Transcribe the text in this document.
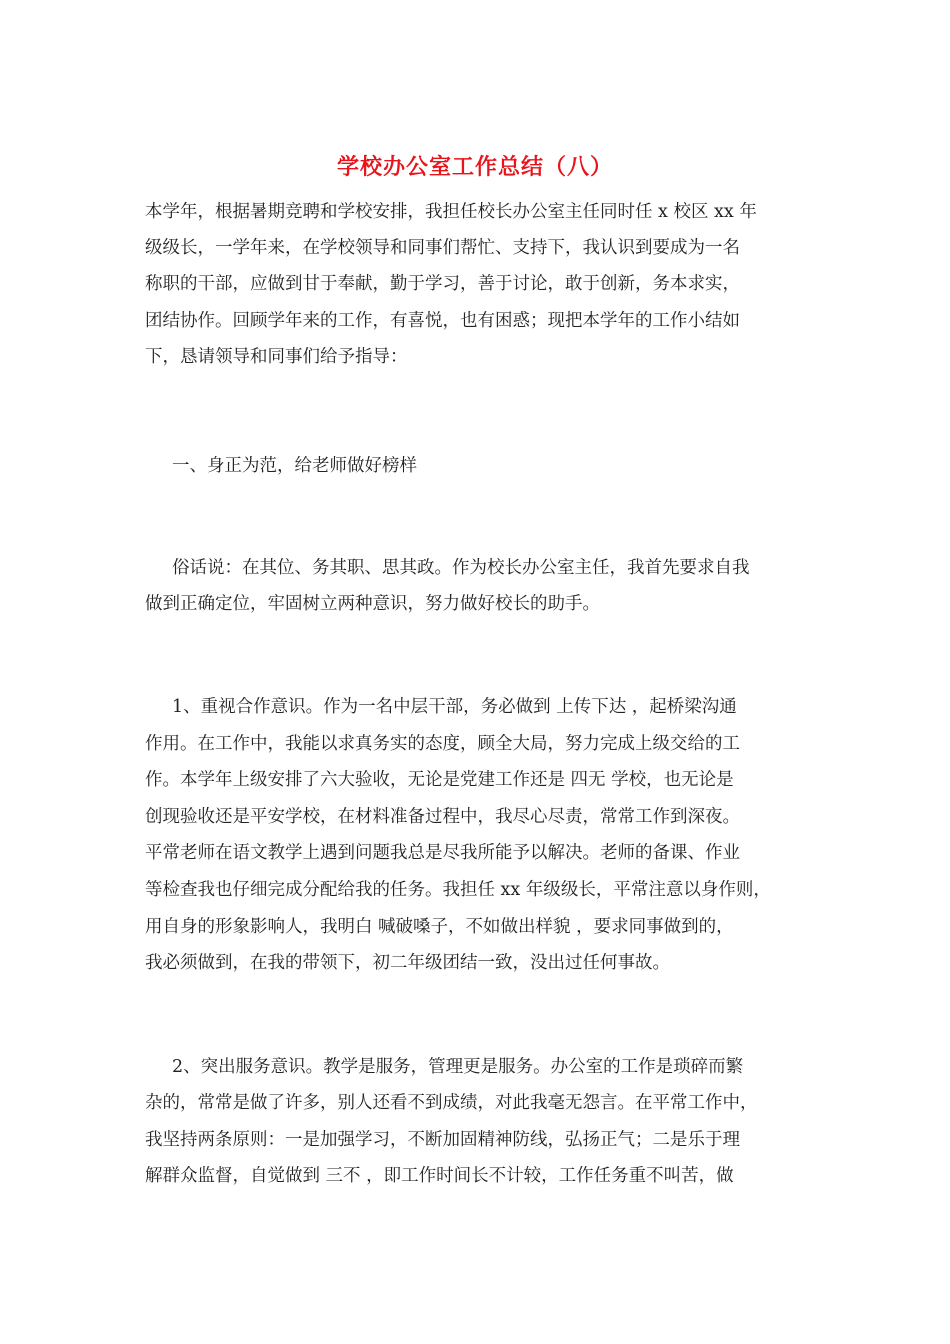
学校办公室工作总结（八）
本学年，根据暑期竞聘和学校安排，我担任校长办公室主任同时任 x 校区 xx 年
级级长，一学年来，在学校领导和同事们帮忙、支持下，我认识到要成为一名
称职的干部，应做到甘于奉献，勤于学习，善于讨论，敢于创新，务本求实，
团结协作。回顾学年来的工作，有喜悦，也有困惑；现把本学年的工作小结如
下，恳请领导和同事们给予指导：
一、身正为范，给老师做好榜样
俗话说：在其位、务其职、思其政。作为校长办公室主任，我首先要求自我
做到正确定位，牢固树立两种意识，努力做好校长的助手。
1、重视合作意识。作为一名中层干部，务必做到 上传下达 ，起桥梁沟通
作用。在工作中，我能以求真务实的态度，顾全大局，努力完成上级交给的工
作。本学年上级安排了六大验收，无论是党建工作还是 四无 学校，也无论是
创现验收还是平安学校，在材料准备过程中，我尽心尽责，常常工作到深夜。
平常老师在语文教学上遇到问题我总是尽我所能予以解决。老师的备课、作业
等检查我也仔细完成分配给我的任务。我担任 xx 年级级长，平常注意以身作则，
用自身的形象影响人，我明白 喊破嗓子，不如做出样貌 ，要求同事做到的，
我必须做到，在我的带领下，初二年级团结一致，没出过任何事故。
2、突出服务意识。教学是服务，管理更是服务。办公室的工作是琐碎而繁
杂的，常常是做了许多，别人还看不到成绩，对此我毫无怨言。在平常工作中，
我坚持两条原则：一是加强学习，不断加固精神防线，弘扬正气；二是乐于理
解群众监督，自觉做到 三不 ，即工作时间长不计较，工作任务重不叫苦，做
